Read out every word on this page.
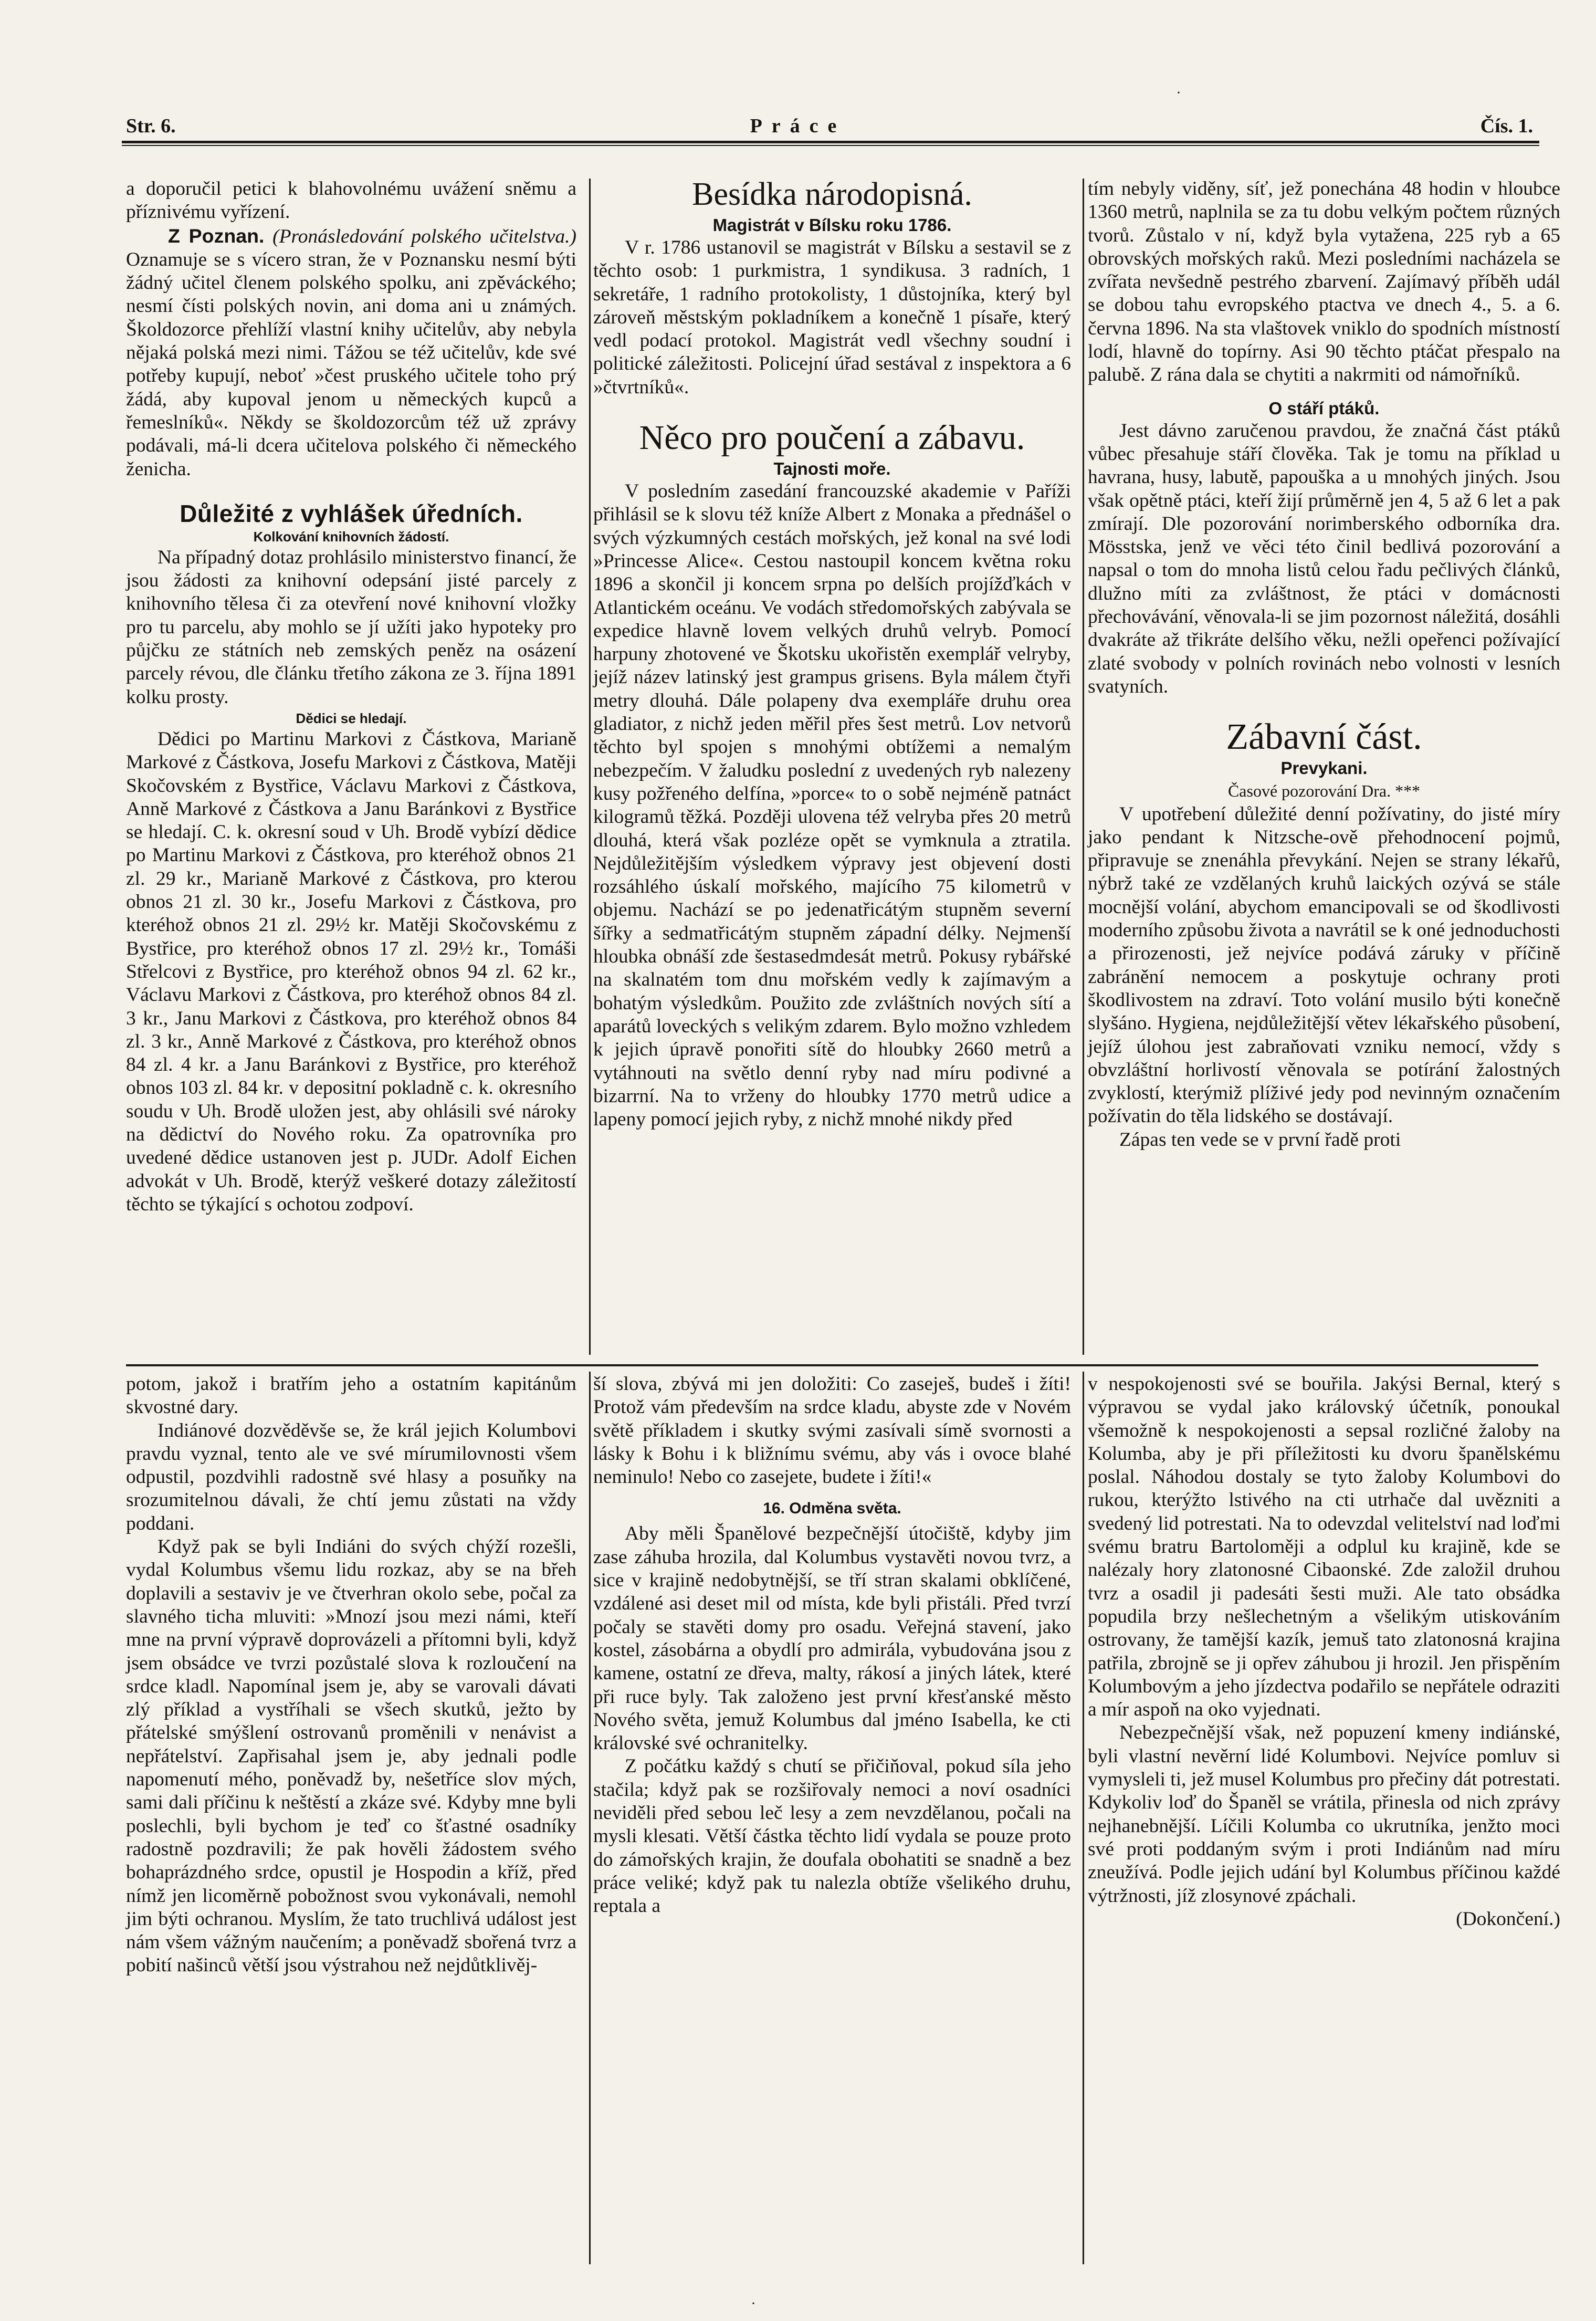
Str. 6.	Práce	Čís. 1.

a doporučil petici k blahovolnému uvážení sněmu a příznivému vyřízení.

Z Poznan. (Pronásledování polského učitelstva.) Oznamuje se s vícero stran, že v Poznansku nesmí býti žádný učitel členem polského spolku, ani zpěváckého; nesmí čísti polských novin, ani doma ani u známých. Školdozorce přehlíží vlastní knihy učitelův, aby nebyla nějaká polská mezi nimi. Tážou se též učitelův, kde své potřeby kupují, neboť »čest pruského učitele toho prý žádá, aby kupoval jenom u německých kupců a řemeslníků«. Někdy se školdozorcům též už zprávy podávali, má-li dcera učitelova polského či německého ženicha.

Důležité z vyhlášek úředních.
Kolkování knihovních žádostí.

Na případný dotaz prohlásilo ministerstvo financí, že jsou žádosti za knihovní odepsání jisté parcely z knihovního tělesa či za otevření nové knihovní vložky pro tu parcelu, aby mohlo se jí užíti jako hypoteky pro půjčku ze státních neb zemských peněz na osázení parcely révou, dle článku třetího zákona ze 3. října 1891 kolku prosty.

Dědici se hledají.

Dědici po Martinu Markovi z Částkova, Marianě Markové z Částkova, Josefu Markovi z Částkova, Matěji Skočovském z Bystřice, Václavu Markovi z Částkova, Anně Markové z Částkova a Janu Baránkovi z Bystřice se hledají. C. k. okresní soud v Uh. Brodě vybízí dědice po Martinu Markovi z Částkova, pro kteréhož obnos 21 zl. 29 kr., Marianě Markové z Částkova, pro kterou obnos 21 zl. 30 kr., Josefu Markovi z Částkova, pro kteréhož obnos 21 zl. 29½ kr. Matěji Skočovskému z Bystřice, pro kteréhož obnos 17 zl. 29½ kr., Tomáši Střelcovi z Bystřice, pro kteréhož obnos 94 zl. 62 kr., Václavu Markovi z Částkova, pro kteréhož obnos 84 zl. 3 kr., Janu Markovi z Částkova, pro kteréhož obnos 84 zl. 3 kr., Anně Markové z Částkova, pro kteréhož obnos 84 zl. 4 kr. a Janu Baránkovi z Bystřice, pro kteréhož obnos 103 zl. 84 kr. v depositní pokladně c. k. okresního soudu v Uh. Brodě uložen jest, aby ohlásili své nároky na dědictví do Nového roku. Za opatrovníka pro uvedené dědice ustanoven jest p. JUDr. Adolf Eichen advokát v Uh. Brodě, kterýž veškeré dotazy záležitostí těchto se týkající s ochotou zodpoví.

Besídka národopisná.
Magistrát v Bílsku roku 1786.

V r. 1786 ustanovil se magistrát v Bílsku a sestavil se z těchto osob: 1 purkmistra, 1 syndikusa. 3 radních, 1 sekretáře, 1 radního protokolisty, 1 důstojníka, který byl zároveň městským pokladníkem a konečně 1 písaře, který vedl podací protokol. Magistrát vedl všechny soudní i politické záležitosti. Policejní úřad sestával z inspektora a 6 »čtvrtníků«.

Něco pro poučení a zábavu.
Tajnosti moře.

V posledním zasedání francouzské akademie v Paříži přihlásil se k slovu též kníže Albert z Monaka a přednášel o svých výzkumných cestách mořských, jež konal na své lodi »Princesse Alice«. Cestou nastoupil koncem května roku 1896 a skončil ji koncem srpna po delších projížďkách v Atlantickém oceánu. Ve vodách středomořských zabývala se expedice hlavně lovem velkých druhů velryb. Pomocí harpuny zhotovené ve Škotsku ukořistěn exemplář velryby, jejíž název latinský jest grampus grisens. Byla málem čtyři metry dlouhá. Dále polapeny dva exempláře druhu orea gladiator, z nichž jeden měřil přes šest metrů. Lov netvorů těchto byl spojen s mnohými obtížemi a nemalým nebezpečím. V žaludku poslední z uvedených ryb nalezeny kusy požřeného delfína, »porce« to o sobě nejméně patnáct kilogramů těžká. Později ulovena též velryba přes 20 metrů dlouhá, která však pozléze opět se vymknula a ztratila. Nejdůležitějším výsledkem výpravy jest objevení dosti rozsáhlého úskalí mořského, majícího 75 kilometrů v objemu. Nachází se po jedenatřicátým stupněm severní šířky a sedmatřicátým stupněm západní délky. Nejmenší hloubka obnáší zde šestasedmdesát metrů. Pokusy rybářské na skalnatém tom dnu mořském vedly k zajímavým a bohatým výsledkům. Použito zde zvláštních nových sítí a aparátů loveckých s velikým zdarem. Bylo možno vzhledem k jejich úpravě ponořiti sítě do hloubky 2660 metrů a vytáhnouti na světlo denní ryby nad míru podivné a bizarrní. Na to vrženy do hloubky 1770 metrů udice a lapeny pomocí jejich ryby, z nichž mnohé nikdy před

tím nebyly viděny, síť, jež ponechána 48 hodin v hloubce 1360 metrů, naplnila se za tu dobu velkým počtem různých tvorů. Zůstalo v ní, když byla vytažena, 225 ryb a 65 obrovských mořských raků. Mezi posledními nacházela se zvířata nevšedně pestrého zbarvení. Zajímavý příběh udál se dobou tahu evropského ptactva ve dnech 4., 5. a 6. června 1896. Na sta vlaštovek vniklo do spodních místností lodí, hlavně do topírny. Asi 90 těchto ptáčat přespalo na palubě. Z rána dala se chytiti a nakrmiti od námořníků.

O stáří ptáků.

Jest dávno zaručenou pravdou, že značná část ptáků vůbec přesahuje stáří člověka. Tak je tomu na příklad u havrana, husy, labutě, papouška a u mnohých jiných. Jsou však opětně ptáci, kteří žijí průměrně jen 4, 5 až 6 let a pak zmírají. Dle pozorování norimberského odborníka dra. Mösstska, jenž ve věci této činil bedlivá pozorování a napsal o tom do mnoha listů celou řadu pečlivých článků, dlužno míti za zvláštnost, že ptáci v domácnosti přechovávání, věnovala-li se jim pozornost náležitá, dosáhli dvakráte až třikráte delšího věku, nežli opeřenci požívající zlaté svobody v polních rovinách nebo volnosti v lesních svatyních.

Zábavní část.
Prevykani.
Časové pozorování Dra. ***

V upotřebení důležité denní požívatiny, do jisté míry jako pendant k Nitzsche-ově přehodnocení pojmů, připravuje se znenáhla převykání. Nejen se strany lékařů, nýbrž také ze vzdělaných kruhů laických ozývá se stále mocnější volání, abychom emancipovali se od škodlivosti moderního způsobu života a navrátil se k oné jednoduchosti a přirozenosti, jež nejvíce podává záruky v příčině zabránění nemocem a poskytuje ochrany proti škodlivostem na zdraví. Toto volání musilo býti konečně slyšáno. Hygiena, nejdůležitější větev lékařského působení, jejíž úlohou jest zabraňovati vzniku nemocí, vždy s obvzláštní horlivostí věnovala se potírání žalostných zvyklostí, kterýmiž plíživé jedy pod nevinným označením požívatin do těla lidského se dostávají.

Zápas ten vede se v první řadě proti

potom, jakož i bratřím jeho a ostatním kapitánům skvostné dary.

Indiánové dozvěděvše se, že král jejich Kolumbovi pravdu vyznal, tento ale ve své mírumilovnosti všem odpustil, pozdvihli radostně své hlasy a posuňky na srozumitelnou dávali, že chtí jemu zůstati na vždy poddani.

Když pak se byli Indiáni do svých chýží rozešli, vydal Kolumbus všemu lidu rozkaz, aby se na břeh doplavili a sestaviv je ve čtverhran okolo sebe, počal za slavného ticha mluviti: »Mnozí jsou mezi námi, kteří mne na první výpravě doprovázeli a přítomni byli, když jsem obsádce ve tvrzi pozůstalé slova k rozloučení na srdce kladl. Napomínal jsem je, aby se varovali dávati zlý příklad a vystříhali se všech skutků, ježto by přátelské smýšlení ostrovanů proměnili v nenávist a nepřátelství. Zapřisahal jsem je, aby jednali podle napomenutí mého, poněvadž by, nešetříce slov mých, sami dali příčinu k neštěstí a zkáze své. Kdyby mne byli poslechli, byli bychom je teď co šťastné osadníky radostně pozdravili; že pak hověli žádostem svého bohaprázdného srdce, opustil je Hospodin a kříž, před nímž jen licoměrně pobožnost svou vykonávali, nemohl jim býti ochranou. Myslím, že tato truchlivá událost jest nám všem vážným naučením; a poněvadž sbořená tvrz a pobití našinců větší jsou výstrahou než nejdůtklivěj-

ší slova, zbývá mi jen doložiti: Co zaseješ, budeš i žíti! Protož vám především na srdce kladu, abyste zde v Novém světě příkladem i skutky svými zasívali símě svornosti a lásky k Bohu i k bližnímu svému, aby vás i ovoce blahé neminulo! Nebo co zasejete, budete i žíti!«

16. Odměna světa.

Aby měli Španělové bezpečnější útočiště, kdyby jim zase záhuba hrozila, dal Kolumbus vystavěti novou tvrz, a sice v krajině nedobytnější, se tří stran skalami obklíčené, vzdálené asi deset mil od místa, kde byli přistáli. Před tvrzí počaly se stavěti domy pro osadu. Veřejná stavení, jako kostel, zásobárna a obydlí pro admirála, vybudována jsou z kamene, ostatní ze dřeva, malty, rákosí a jiných látek, které při ruce byly. Tak založeno jest první křesťanské město Nového světa, jemuž Kolumbus dal jméno Isabella, ke cti královské své ochranitelky.

Z počátku každý s chutí se přičiňoval, pokud síla jeho stačila; když pak se rozšiřovaly nemoci a noví osadníci neviděli před sebou leč lesy a zem nevzdělanou, počali na mysli klesati. Větší částka těchto lidí vydala se pouze proto do zámořských krajin, že doufala obohatiti se snadně a bez práce veliké; když pak tu nalezla obtíže všelikého druhu, reptala a

v nespokojenosti své se bouřila. Jakýsi Bernal, který s výpravou se vydal jako královský účetník, ponoukal všemožně k nespokojenosti a sepsal rozličné žaloby na Kolumba, aby je při příležitosti ku dvoru španělskému poslal. Náhodou dostaly se tyto žaloby Kolumbovi do rukou, kterýžto lstivého na cti utrhače dal uvězniti a svedený lid potrestati. Na to odevzdal velitelství nad loďmi svému bratru Bartoloměji a odplul ku krajině, kde se nalézaly hory zlatonosné Cibaonské. Zde založil druhou tvrz a osadil ji padesáti šesti muži. Ale tato obsádka popudila brzy nešlechetným a všelikým utiskováním ostrovany, že tamější kazík, jemuš tato zlatonosná krajina patřila, zbrojně se ji opřev záhubou ji hrozil. Jen přispěním Kolumbovým a jeho jízdectva podařilo se nepřátele odraziti a mír aspoň na oko vyjednati.

Nebezpečnější však, než popuzení kmeny indiánské, byli vlastní nevěrní lidé Kolumbovi. Nejvíce pomluv si vymysleli ti, jež musel Kolumbus pro přečiny dát potrestati. Kdykoliv loď do Španěl se vrátila, přinesla od nich zprávy nejhanebnější. Líčili Kolumba co ukrutníka, jenžto moci své proti poddaným svým i proti Indiánům nad míru zneužívá. Podle jejich udání byl Kolumbus příčinou každé výtržnosti, jíž zlosynové zpáchali.

(Dokončení.)
·
·
